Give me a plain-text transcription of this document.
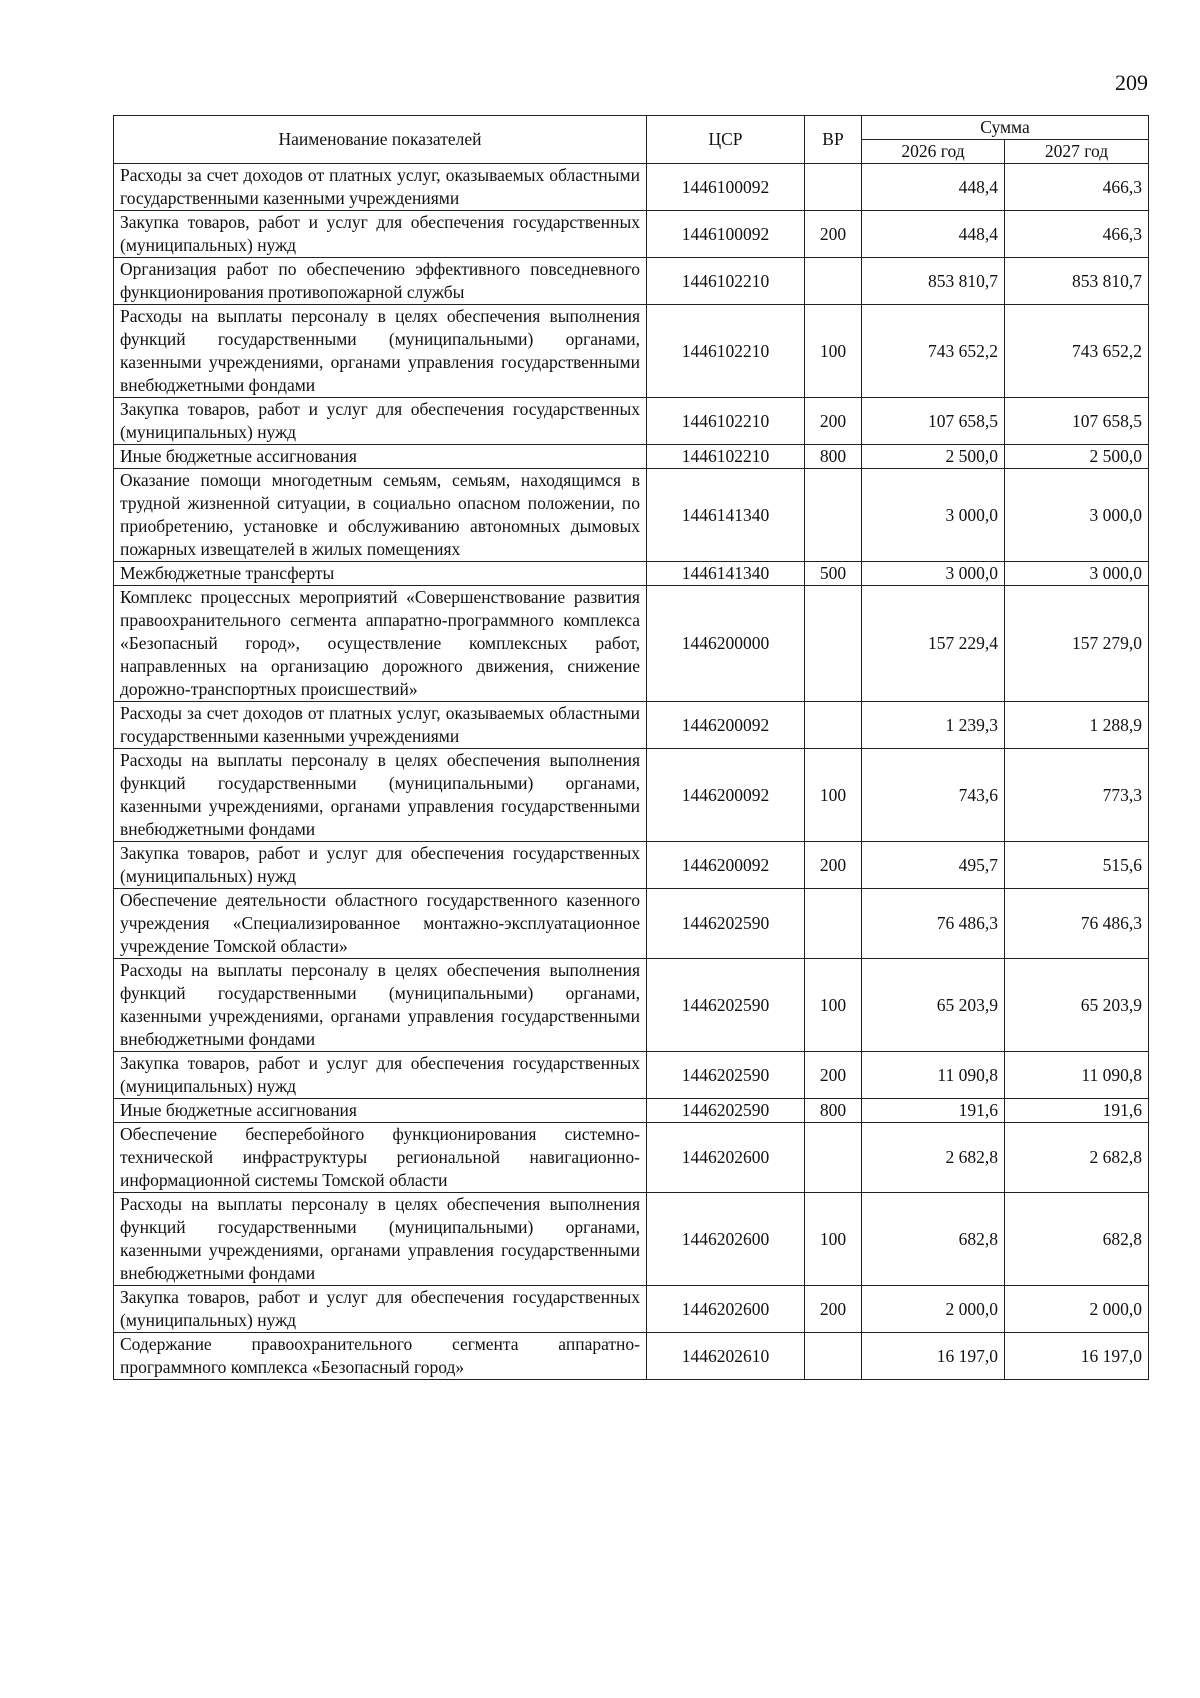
209
Наименование показателей	ЦСР	ВР	Сумма	
			2026 год	2027 год
Расходы за счет доходов от платных услуг, оказываемых областными государственными казенными учреждениями	1446100092		448,4	466,3
Закупка товаров, работ и услуг для обеспечения государственных (муниципальных) нужд	1446100092	200	448,4	466,3
Организация работ по обеспечению эффективного повседневного функционирования противопожарной службы	1446102210		853 810,7	853 810,7
Расходы на выплаты персоналу в целях обеспечения выполнения функций государственными (муниципальными) органами, казенными учреждениями, органами управления государственными внебюджетными фондами	1446102210	100	743 652,2	743 652,2
Закупка товаров, работ и услуг для обеспечения государственных (муниципальных) нужд	1446102210	200	107 658,5	107 658,5
Иные бюджетные ассигнования	1446102210	800	2 500,0	2 500,0
Оказание помощи многодетным семьям, семьям, находящимся в трудной жизненной ситуации, в социально опасном положении, по приобретению, установке и обслуживанию автономных дымовых пожарных извещателей в жилых помещениях	1446141340		3 000,0	3 000,0
Межбюджетные трансферты	1446141340	500	3 000,0	3 000,0
Комплекс процессных мероприятий «Совершенствование развития правоохранительного сегмента аппаратно-программного комплекса «Безопасный город», осуществление комплексных работ, направленных на организацию дорожного движения, снижение дорожно-транспортных происшествий»	1446200000		157 229,4	157 279,0
Расходы за счет доходов от платных услуг, оказываемых областными государственными казенными учреждениями	1446200092		1 239,3	1 288,9
Расходы на выплаты персоналу в целях обеспечения выполнения функций государственными (муниципальными) органами, казенными учреждениями, органами управления государственными внебюджетными фондами	1446200092	100	743,6	773,3
Закупка товаров, работ и услуг для обеспечения государственных (муниципальных) нужд	1446200092	200	495,7	515,6
Обеспечение деятельности областного государственного казенного учреждения «Специализированное монтажно-эксплуатационное учреждение Томской области»	1446202590		76 486,3	76 486,3
Расходы на выплаты персоналу в целях обеспечения выполнения функций государственными (муниципальными) органами, казенными учреждениями, органами управления государственными внебюджетными фондами	1446202590	100	65 203,9	65 203,9
Закупка товаров, работ и услуг для обеспечения государственных (муниципальных) нужд	1446202590	200	11 090,8	11 090,8
Иные бюджетные ассигнования	1446202590	800	191,6	191,6
Обеспечение бесперебойного функционирования системно-технической инфраструктуры региональной навигационно-информационной системы Томской области	1446202600		2 682,8	2 682,8
Расходы на выплаты персоналу в целях обеспечения выполнения функций государственными (муниципальными) органами, казенными учреждениями, органами управления государственными внебюджетными фондами	1446202600	100	682,8	682,8
Закупка товаров, работ и услуг для обеспечения государственных (муниципальных) нужд	1446202600	200	2 000,0	2 000,0
Содержание правоохранительного сегмента аппаратно-программного комплекса «Безопасный город»	1446202610		16 197,0	16 197,0
